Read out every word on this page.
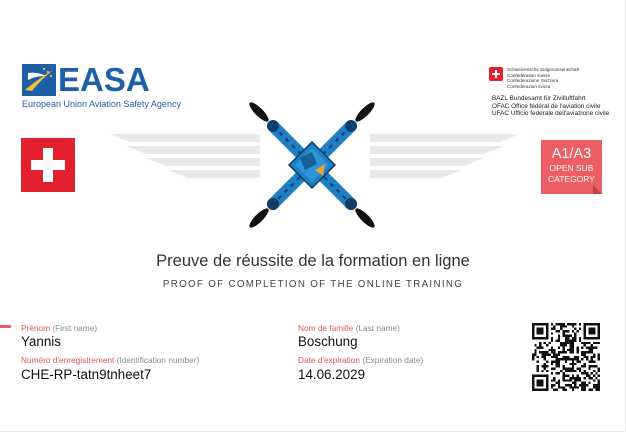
EASA
European Union Aviation Safety Agency
Schweizerische Eidgenossenschaft
Confédération suisse
Confederazione Svizzera
Confederaziun svizra
BAZL Bundesamt für Zivilluftfahrt
OFAC Office fédéral de l'aviation civile
UFAC Ufficio federale dell'aviazione civile
A1/A3
OPEN SUB
CATEGORY
Preuve de réussite de la formation en ligne
PROOF OF COMPLETION OF THE ONLINE TRAINING
Prénom (First name)
Yannis
Numéro d'enregistrement (Identification number)
CHE-RP-tatn9tnheet7
Nom de famille (Last name)
Boschung
Date d'expiration (Expiration date)
14.06.2029
